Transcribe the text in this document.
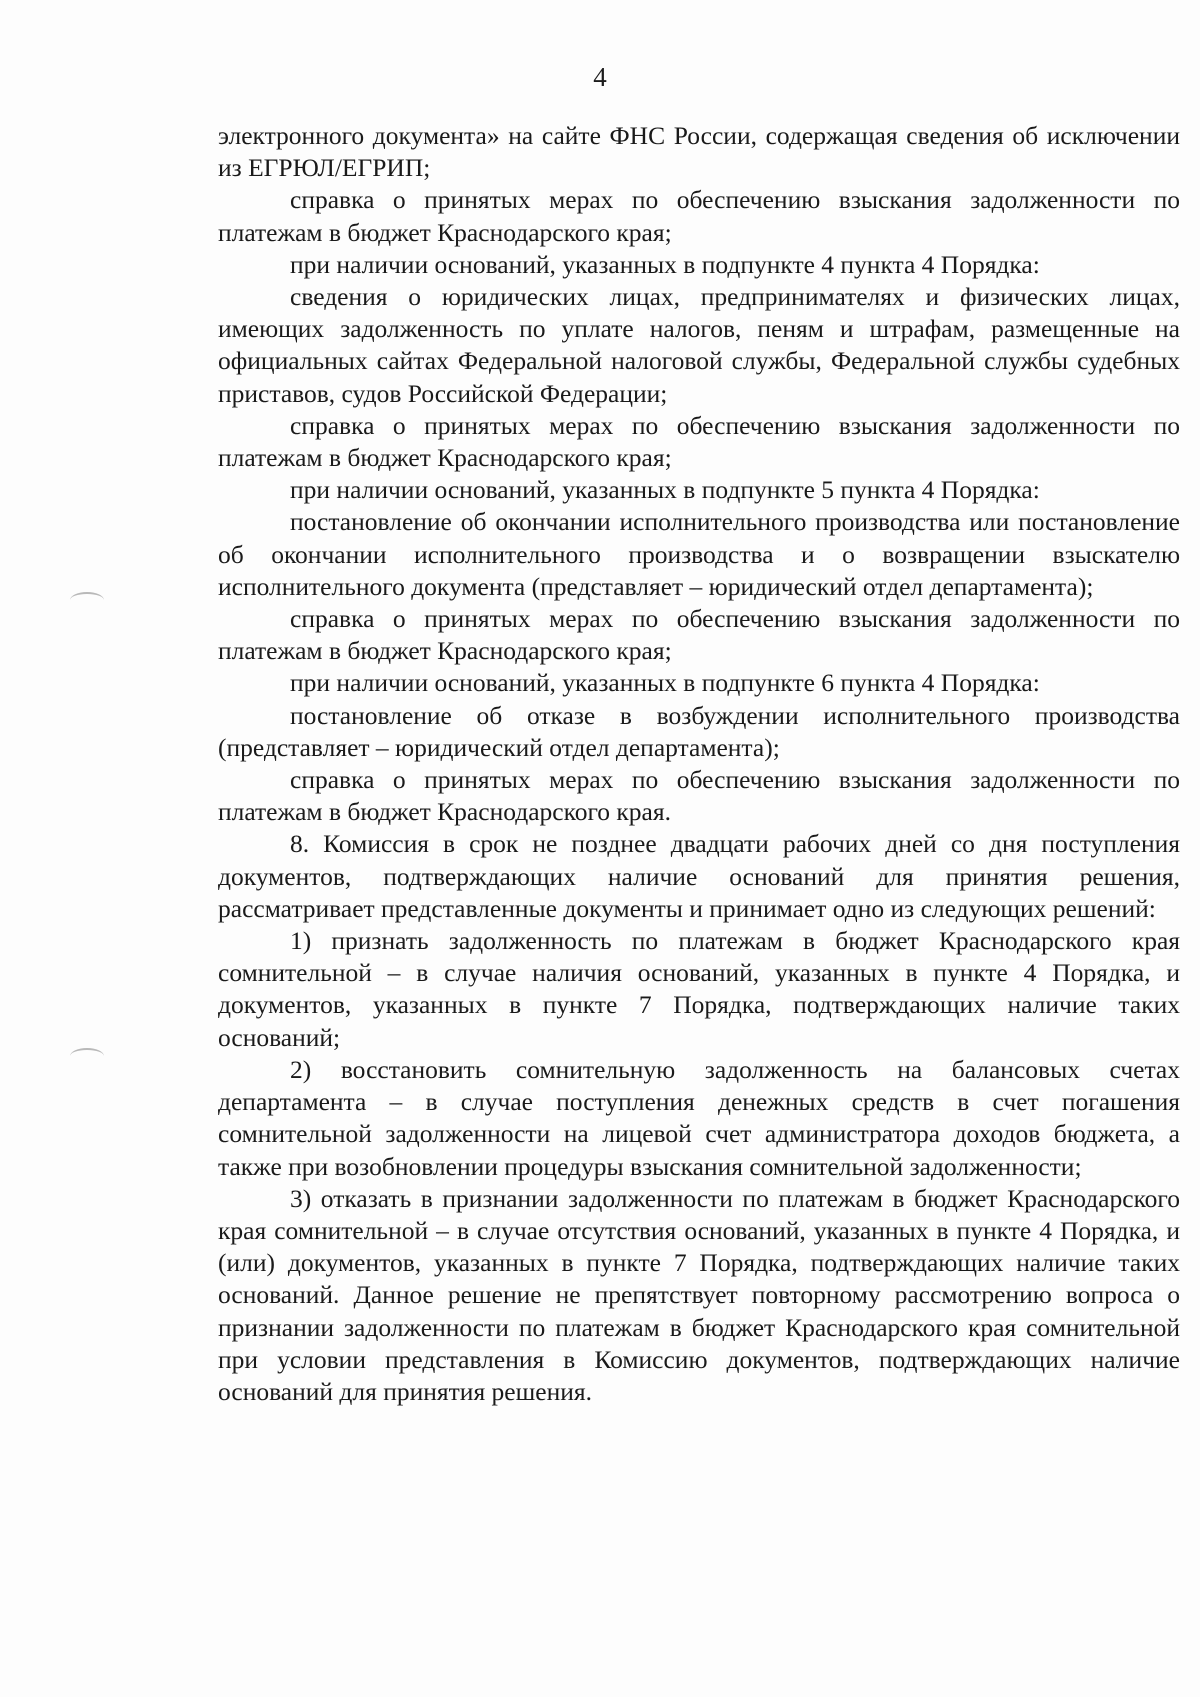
4

электронного документа» на сайте ФНС России, содержащая сведения об исключении из ЕГРЮЛ/ЕГРИП;

справка о принятых мерах по обеспечению взыскания задолженности по платежам в бюджет Краснодарского края;

при наличии оснований, указанных в подпункте 4 пункта 4 Порядка:

сведения о юридических лицах, предпринимателях и физических лицах, имеющих задолженность по уплате налогов, пеням и штрафам, размещенные на официальных сайтах Федеральной налоговой службы, Федеральной службы судебных приставов, судов Российской Федерации;

справка о принятых мерах по обеспечению взыскания задолженности по платежам в бюджет Краснодарского края;

при наличии оснований, указанных в подпункте 5 пункта 4 Порядка:

постановление об окончании исполнительного производства или постановление об окончании исполнительного производства и о возвращении взыскателю исполнительного документа (представляет – юридический отдел департамента);

справка о принятых мерах по обеспечению взыскания задолженности по платежам в бюджет Краснодарского края;

при наличии оснований, указанных в подпункте 6 пункта 4 Порядка:

постановление об отказе в возбуждении исполнительного производства (представляет – юридический отдел департамента);

справка о принятых мерах по обеспечению взыскания задолженности по платежам в бюджет Краснодарского края.

8. Комиссия в срок не позднее двадцати рабочих дней со дня поступления документов, подтверждающих наличие оснований для принятия решения, рассматривает представленные документы и принимает одно из следующих решений:

1) признать задолженность по платежам в бюджет Краснодарского края сомнительной – в случае наличия оснований, указанных в пункте 4 Порядка, и документов, указанных в пункте 7 Порядка, подтверждающих наличие таких оснований;

2) восстановить сомнительную задолженность на балансовых счетах департамента – в случае поступления денежных средств в счет погашения сомнительной задолженности на лицевой счет администратора доходов бюджета, а также при возобновлении процедуры взыскания сомнительной задолженности;

3) отказать в признании задолженности по платежам в бюджет Краснодарского края сомнительной – в случае отсутствия оснований, указанных в пункте 4 Порядка, и (или) документов, указанных в пункте 7 Порядка, подтверждающих наличие таких оснований. Данное решение не препятствует повторному рассмотрению вопроса о признании задолженности по платежам в бюджет Краснодарского края сомнительной при условии представления в Комиссию документов, подтверждающих наличие оснований для принятия решения.
